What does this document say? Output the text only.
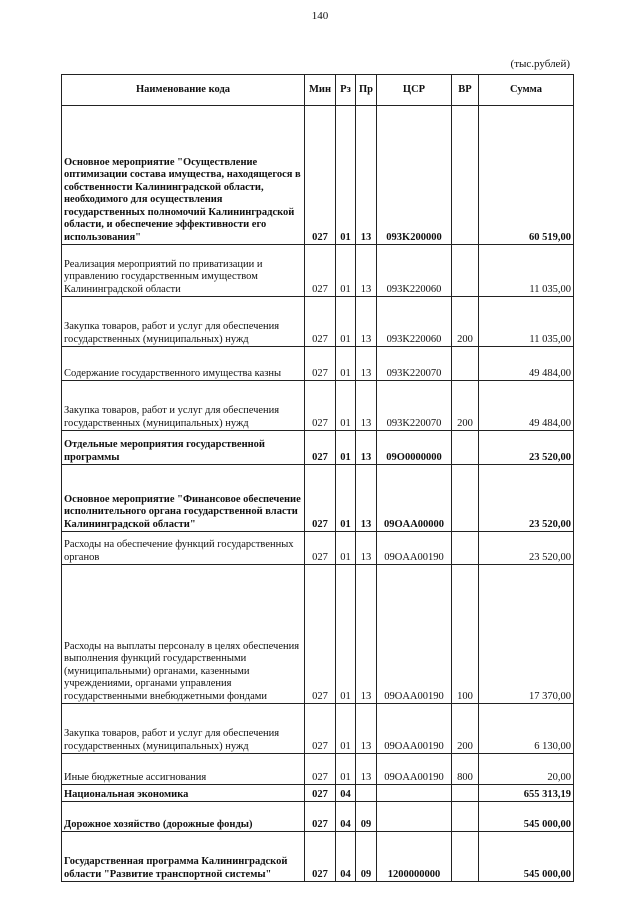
140
(тыс.рублей)
Наименование кода	Мин	Рз	Пр	ЦСР	ВР	Сумма
Основное мероприятие "Осуществление оптимизации состава имущества, находящегося в собственности Калининградской области, необходимого для осуществления государственных полномочий Калининградской области, и обеспечение эффективности его использования"	027	01	13	093K200000		60 519,00
Реализация мероприятий по приватизации и управлению государственным имуществом Калининградской области	027	01	13	093K220060		11 035,00
Закупка товаров, работ и услуг для обеспечения государственных (муниципальных) нужд	027	01	13	093K220060	200	11 035,00
Содержание государственного имущества казны	027	01	13	093K220070		49 484,00
Закупка товаров, работ и услуг для обеспечения государственных (муниципальных) нужд	027	01	13	093K220070	200	49 484,00
Отдельные мероприятия государственной программы	027	01	13	09O0000000		23 520,00
Основное мероприятие "Финансовое обеспечение исполнительного органа государственной власти Калининградской области"	027	01	13	09OAA00000		23 520,00
Расходы на обеспечение функций государственных органов	027	01	13	09OAA00190		23 520,00
Расходы на выплаты персоналу в целях обеспечения выполнения функций государственными (муниципальными) органами, казенными учреждениями, органами управления государственными внебюджетными фондами	027	01	13	09OAA00190	100	17 370,00
Закупка товаров, работ и услуг для обеспечения государственных (муниципальных) нужд	027	01	13	09OAA00190	200	6 130,00
Иные бюджетные ассигнования	027	01	13	09OAA00190	800	20,00
Национальная экономика	027	04				655 313,19
Дорожное хозяйство (дорожные фонды)	027	04	09			545 000,00
Государственная программа Калининградской области "Развитие транспортной системы"	027	04	09	1200000000		545 000,00
